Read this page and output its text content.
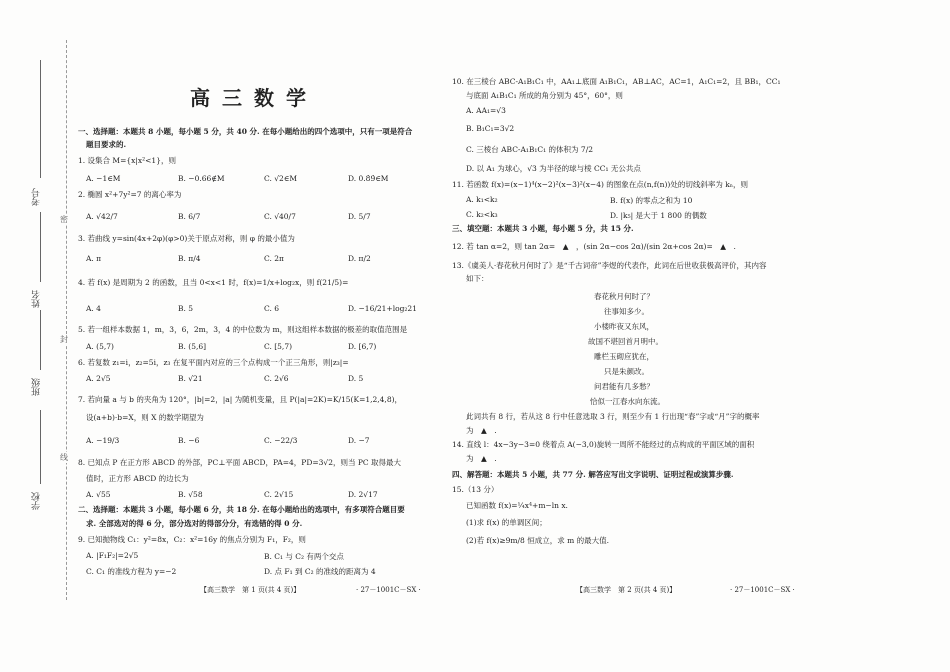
考号
姓名
班级
学校
密
封
线
高三数学
一、选择题：本题共 8 小题，每小题 5 分，共 40 分. 在每小题给出的四个选项中，只有一项是符合
题目要求的.
1. 设集合 M={x|x²<1}，则
A. −1∈M	B. −0.66∉M	C. √2∈M	D. 0.8̇9̇∈M
2. 椭圆 x²+7y²=7 的离心率为
A. √42/7	B. 6/7	C. √40/7	D. 5/7
3. 若曲线 y=sin(4x+2φ)(φ>0)关于原点对称，则 φ 的最小值为
A. π	B. π/4	C. 2π	D. π/2
4. 若 f(x) 是周期为 2 的函数，且当 0<x<1 时，f(x)=1/x+log₂x，则 f(21/5)=
A. 4	B. 5	C. 6	D. −16/21+log₂21
5. 若一组样本数据 1，m，3，6，2m，3，4 的中位数为 m，则这组样本数据的极差的取值范围是
A. (5,7)	B. (5,6]	C. [5,7)	D. [6,7)
6. 若复数 z₁=i，z₂=5i，z₃ 在复平面内对应的三个点构成一个正三角形，则|z₃|=
A. 2√5	B. √21	C. 2√6	D. 5
7. 若向量 a 与 b 的夹角为 120°，|b|=2，|a| 为随机变量，且 P(|a|=2K)=K/15(K=1,2,4,8)，
设(a+b)·b=X，则 X 的数学期望为
A. −19/3	B. −6	C. −22/3	D. −7
8. 已知点 P 在正方形 ABCD 的外部，PC⊥平面 ABCD，PA=4，PD=3√2，则当 PC 取得最大
值时，正方形 ABCD 的边长为
A. √55	B. √58	C. 2√15	D. 2√17
二、选择题：本题共 3 小题，每小题 6 分，共 18 分. 在每小题给出的选项中，有多项符合题目要
求. 全部选对的得 6 分，部分选对的得部分分，有选错的得 0 分.
9. 已知抛物线 C₁：y²=8x，C₂：x²=16y 的焦点分别为 F₁，F₂，则
A. |F₁F₂|=2√5	B. C₁ 与 C₂ 有两个交点
C. C₁ 的准线方程为 y=−2	D. 点 F₁ 到 C₂ 的准线的距离为 4
【高三数学　第 1 页(共 4 页)】	· 27－1001C－SX ·
10. 在三棱台 ABC-A₁B₁C₁ 中，AA₁⊥底面 A₁B₁C₁，AB⊥AC，AC=1，A₁C₁=2，且 BB₁，CC₁
与底面 A₁B₁C₁ 所成的角分别为 45°，60°，则
A. AA₁=√3
B. B₁C₁=3√2
C. 三棱台 ABC-A₁B₁C₁ 的体积为 7/2
D. 以 A₁ 为球心，√3 为半径的球与棱 CC₁ 无公共点
11. 若函数 f(x)=(x−1)⁴(x−2)²(x−3)²(x−4) 的图象在点(n,f(n))处的切线斜率为 kₙ，则
A. k₁<k₂	B. f(x) 的零点之和为 10
C. k₂<k₃	D. |k₅| 是大于 1 800 的偶数
三、填空题：本题共 3 小题，每小题 5 分，共 15 分.
12. 若 tan α=2，则 tan 2α=　▲　，(sin 2α−cos 2α)/(sin 2α+cos 2α)=　▲　.
13.《虞美人·春花秋月何时了》是“千古词帝”李煜的代表作，此词在后世收获极高评价，其内容
如下：
春花秋月何时了？
往事知多少。
小楼昨夜又东风，
故国不堪回首月明中。
雕栏玉砌应犹在，
只是朱颜改。
问君能有几多愁？
恰似一江春水向东流。
此词共有 8 行，若从这 8 行中任意选取 3 行，则至少有 1 行出现“春”字或“月”字的概率
为　▲　.
14. 直线 l：4x−3y−3=0 绕着点 A(−3,0)旋转一周所不能经过的点构成的平面区域的面积
为　▲　.
四、解答题：本题共 5 小题，共 77 分. 解答应写出文字说明、证明过程或演算步骤.
15.（13 分）
已知函数 f(x)=¼x⁴+m−ln x.
(1)求 f(x) 的单调区间；
(2)若 f(x)≥9m/8 恒成立，求 m 的最大值.
【高三数学　第 2 页(共 4 页)】	· 27－1001C－SX ·
